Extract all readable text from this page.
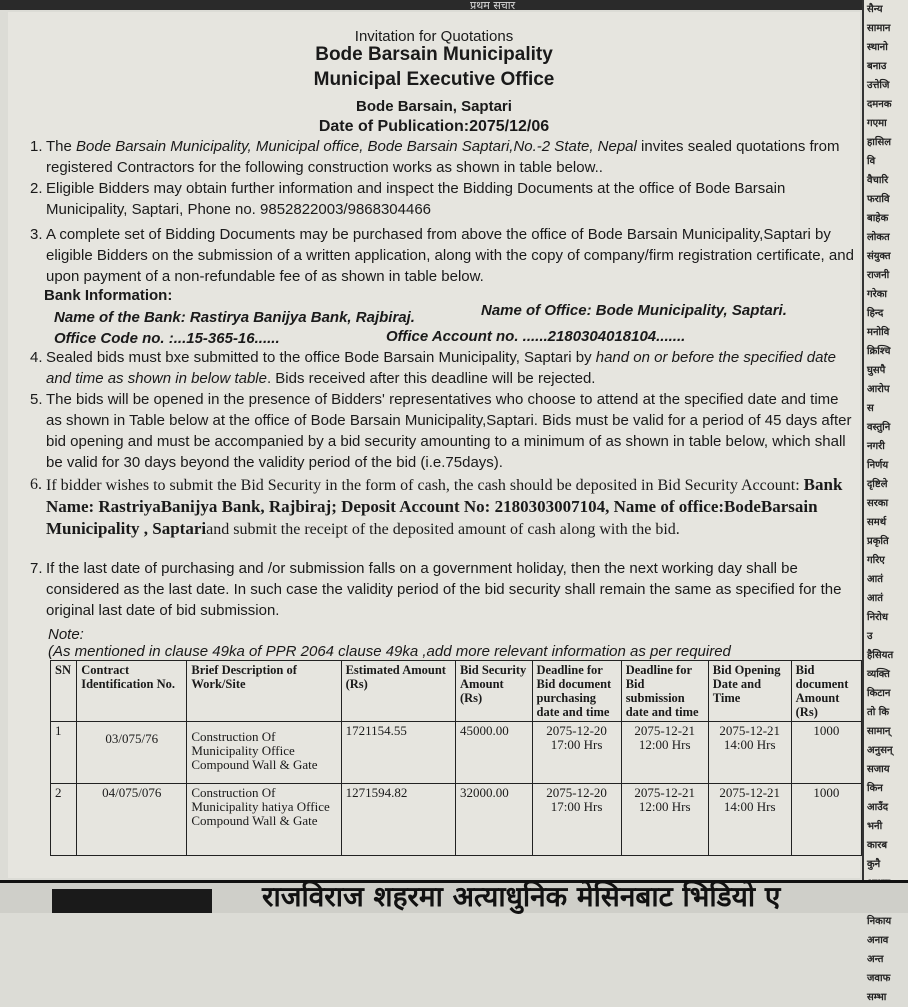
प्रथम सचार
Invitation for Quotations
Bode Barsain Municipality
Municipal Executive Office
Bode Barsain, Saptari
Date of Publication:2075/12/06
1. The Bode Barsain Municipality, Municipal office, Bode Barsain Saptari,No.-2 State, Nepal invites sealed quotations from registered Contractors for the following construction works as shown in table below..
2. Eligible Bidders may obtain further information and inspect the Bidding Documents at the office of Bode Barsain Municipality, Saptari, Phone no. 9852822003/9868304466
3. A complete set of Bidding Documents may be purchased from above the office of Bode Barsain Municipality,Saptari by eligible Bidders on the submission of a written application, along with the copy of company/firm registration certificate, and upon payment of a non-refundable fee of as shown in table below.
Bank Information:
Name of the Bank: Rastirya Banijya Bank, Rajbiraj.	Name of Office: Bode Municipality, Saptari.
Office Code no. :...15-365-16......	Office Account no. ......2180304018104.......
4. Sealed bids must bxe submitted to the office Bode Barsain Municipality, Saptari by hand on or before the specified date and time as shown in below table. Bids received after this deadline will be rejected.
5. The bids will be opened in the presence of Bidders' representatives who choose to attend at the specified date and time as shown in Table below at the office of Bode Barsain Municipality,Saptari. Bids must be valid for a period of 45 days after bid opening and must be accompanied by a bid security amounting to a minimum of as shown in table below, which shall be valid for 30 days beyond the validity period of the bid (i.e.75days).
6. If bidder wishes to submit the Bid Security in the form of cash, the cash should be deposited in Bid Security Account: Bank Name: RastriyaBanijya Bank, Rajbiraj; Deposit Account No: 2180303007104, Name of office:BodeBarsain Municipality , Saptariand submit the receipt of the deposited amount of cash along with the bid.
7. If the last date of purchasing and /or submission falls on a government holiday, then the next working day shall be considered as the last date. In such case the validity period of the bid security shall remain the same as specified for the original last date of bid submission.
Note:
(As mentioned in clause 49ka of PPR 2064 clause 49ka ,add more relevant information as per required
SN	Contract Identification No.	Brief Description of Work/Site	Estimated Amount (Rs)	Bid Security Amount (Rs)	Deadline for Bid document purchasing date and time	Deadline for Bid submission date and time	Bid Opening Date and Time	Bid document Amount (Rs)
1	03/075/76	Construction Of Municipality Office Compound Wall & Gate	1721154.55	45000.00	2075-12-20 17:00 Hrs	2075-12-21 12:00 Hrs	2075-12-21 14:00 Hrs	1000
2	04/075/076	Construction Of Municipality hatiya Office Compound Wall & Gate	1271594.82	32000.00	2075-12-20 17:00 Hrs	2075-12-21 12:00 Hrs	2075-12-21 14:00 Hrs	1000
सैन्य
सामान
स्थानो
बनाउ
उत्तेजि
दमनक
गएमा
हासिल
वि
वैचारि
फरावि
बाहेक
लोकत
संयुक्त
राजनी
गरेका
हिन्द
मनोवि
क्रिश्चि
घुसपै
आरोप
स
वस्तुनि
नगरी
निर्णय
दृष्टिले
सरका
समर्थ
प्रकृति
गरिए
आतं
आतं
निरोध
उ
हैसियत
व्यक्ति
किटान
तो कि
सामान्
अनुसन्
सजाय
किन
आउँद
भनी
कारब
कुनै
निकाय
अनाव
अन्त
जवाफ
सम्भा
राजविराज शहरमा अत्याधुनिक मेसिनबाट भिडियो ए
